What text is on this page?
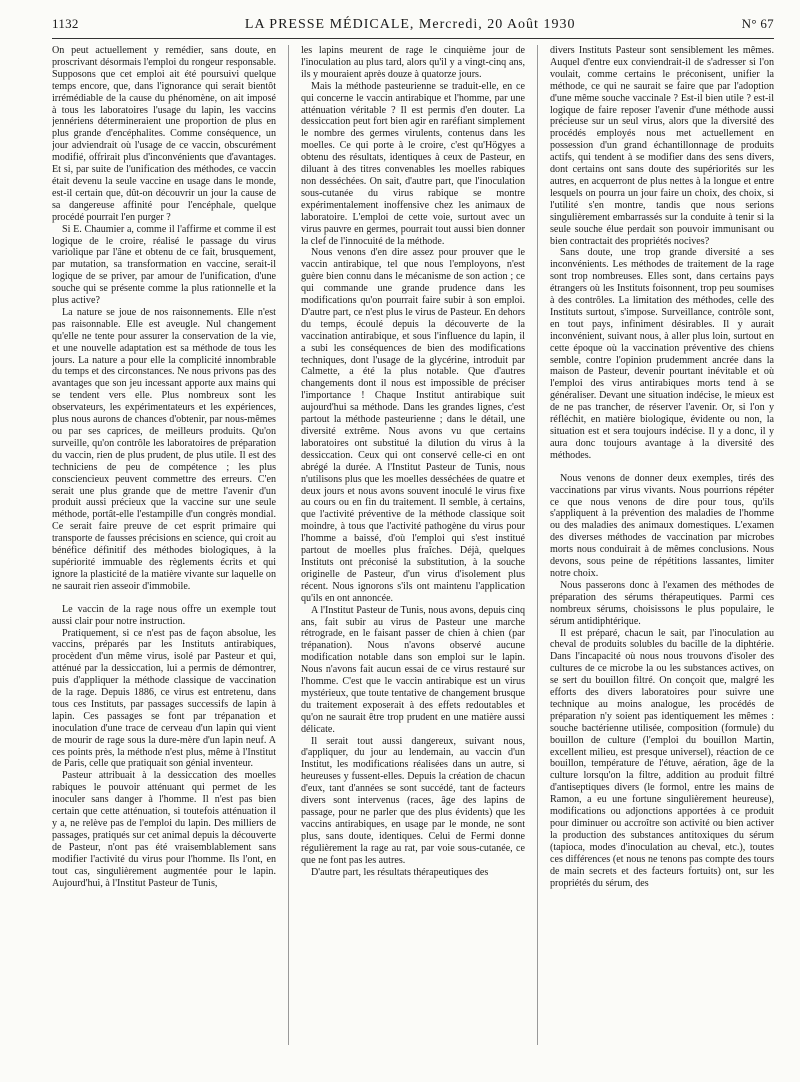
1132	LA PRESSE MÉDICALE, Mercredi, 20 Août 1930	N° 67

On peut actuellement y remédier, sans doute, en proscrivant désormais l'emploi du rongeur responsable. Supposons que cet emploi ait été poursuivi quelque temps encore, que, dans l'ignorance qui serait bientôt irrémédiable de la cause du phénomène, on ait imposé à tous les laboratoires l'usage du lapin, les vaccins jennériens détermineraient une proportion de plus en plus grande d'encéphalites. Comme conséquence, un jour adviendrait où l'usage de ce vaccin, obscurément modifié, offrirait plus d'inconvénients que d'avantages. Et si, par suite de l'unification des méthodes, ce vaccin était devenu la seule vaccine en usage dans le monde, est-il certain que, dût-on découvrir un jour la cause de sa dangereuse affinité pour l'encéphale, quelque procédé pourrait l'en purger ?

Si E. Chaumier a, comme il l'affirme et comme il est logique de le croire, réalisé le passage du virus variolique par l'âne et obtenu de ce fait, brusquement, par mutation, sa transformation en vaccine, serait-il logique de se priver, par amour de l'unification, d'une souche qui se présente comme la plus rationnelle et la plus active?

La nature se joue de nos raisonnements. Elle n'est pas raisonnable. Elle est aveugle. Nul changement qu'elle ne tente pour assurer la conservation de la vie, et une nouvelle adaptation est sa méthode de tous les jours. La nature a pour elle la complicité innombrable du temps et des circonstances. Ne nous privons pas des avantages que son jeu incessant apporte aux mains qui se tendent vers elle. Plus nombreux sont les observateurs, les expérimentateurs et les expériences, plus nous aurons de chances d'obtenir, par nous-mêmes ou par ses caprices, de meilleurs produits. Qu'on surveille, qu'on contrôle les laboratoires de préparation du vaccin, rien de plus prudent, de plus utile. Il est des techniciens de peu de compétence ; les plus consciencieux peuvent commettre des erreurs. C'en serait une plus grande que de mettre l'avenir d'un produit aussi précieux que la vaccine sur une seule méthode, portât-elle l'estampille d'un congrès mondial. Ce serait faire preuve de cet esprit primaire qui transporte de fausses précisions en science, qui croit au bénéfice définitif des méthodes biologiques, à la supériorité immuable des règlements écrits et qui ignore la plasticité de la matière vivante sur laquelle on ne saurait rien asseoir d'immobile.

Le vaccin de la rage nous offre un exemple tout aussi clair pour notre instruction.

Pratiquement, si ce n'est pas de façon absolue, les vaccins, préparés par les Instituts antirabiques, procèdent d'un même virus, isolé par Pasteur et qui, atténué par la dessiccation, lui a permis de démontrer, puis d'appliquer la méthode classique de vaccination de la rage. Depuis 1886, ce virus est entretenu, dans tous ces Instituts, par passages successifs de lapin à lapin. Ces passages se font par trépanation et inoculation d'une trace de cerveau d'un lapin qui vient de mourir de rage sous la dure-mère d'un lapin neuf. A ces points près, la méthode n'est plus, même à l'Institut de Paris, celle que pratiquait son génial inventeur.

Pasteur attribuait à la dessiccation des moelles rabiques le pouvoir atténuant qui permet de les inoculer sans danger à l'homme. Il n'est pas bien certain que cette atténuation, si toutefois atténuation il y a, ne relève pas de l'emploi du lapin. Des milliers de passages, pratiqués sur cet animal depuis la découverte de Pasteur, n'ont pas été vraisemblablement sans modifier l'activité du virus pour l'homme. Ils l'ont, en tout cas, singulièrement augmentée pour le lapin. Aujourd'hui, à l'Institut Pasteur de Tunis,

les lapins meurent de rage le cinquième jour de l'inoculation au plus tard, alors qu'il y a vingt-cinq ans, ils y mouraient après douze à quatorze jours.

Mais la méthode pasteurienne se traduit-elle, en ce qui concerne le vaccin antirabique et l'homme, par une atténuation véritable ? Il est permis d'en douter. La dessiccation peut fort bien agir en raréfiant simplement le nombre des germes virulents, contenus dans les moelles. Ce qui porte à le croire, c'est qu'Högyes a obtenu des résultats, identiques à ceux de Pasteur, en diluant à des titres convenables les moelles rabiques non desséchées. On sait, d'autre part, que l'inoculation sous-cutanée du virus rabique se montre expérimentalement inoffensive chez les animaux de laboratoire. L'emploi de cette voie, surtout avec un virus pauvre en germes, pourrait tout aussi bien donner la clef de l'innocuité de la méthode.

Nous venons d'en dire assez pour prouver que le vaccin antirabique, tel que nous l'employons, n'est guère bien connu dans le mécanisme de son action ; ce qui commande une grande prudence dans les modifications qu'on pourrait faire subir à son emploi. D'autre part, ce n'est plus le virus de Pasteur. En dehors du temps, écoulé depuis la découverte de la vaccination antirabique, et sous l'influence du lapin, il a subi les conséquences de bien des modifications techniques, dont l'usage de la glycérine, introduit par Calmette, a été la plus notable. Que d'autres changements dont il nous est impossible de préciser l'importance ! Chaque Institut antirabique suit aujourd'hui sa méthode. Dans les grandes lignes, c'est partout la méthode pasteurienne ; dans le détail, une diversité extrême. Nous avons vu que certains laboratoires ont substitué la dilution du virus à la dessiccation. Ceux qui ont conservé celle-ci en ont abrégé la durée. A l'Institut Pasteur de Tunis, nous n'utilisons plus que les moelles desséchées de quatre et deux jours et nous avons souvent inoculé le virus fixe au cours ou en fin du traitement. Il semble, à certains, que l'activité préventive de la méthode classique soit moindre, à tous que l'activité pathogène du virus pour l'homme a baissé, d'où l'emploi qui s'est institué partout de moelles plus fraîches. Déjà, quelques Instituts ont préconisé la substitution, à la souche originelle de Pasteur, d'un virus d'isolement plus récent. Nous ignorons s'ils ont maintenu l'application qu'ils en ont annoncée.

A l'Institut Pasteur de Tunis, nous avons, depuis cinq ans, fait subir au virus de Pasteur une marche rétrograde, en le faisant passer de chien à chien (par trépanation). Nous n'avons observé aucune modification notable dans son emploi sur le lapin. Nous n'avons fait aucun essai de ce virus restauré sur l'homme. C'est que le vaccin antirabique est un virus mystérieux, que toute tentative de changement brusque du traitement exposerait à des effets redoutables et qu'on ne saurait être trop prudent en une matière aussi délicate.

Il serait tout aussi dangereux, suivant nous, d'appliquer, du jour au lendemain, au vaccin d'un Institut, les modifications réalisées dans un autre, si heureuses y fussent-elles. Depuis la création de chacun d'eux, tant d'années se sont succédé, tant de facteurs divers sont intervenus (races, âge des lapins de passage, pour ne parler que des plus évidents) que les vaccins antirabiques, en usage par le monde, ne sont plus, sans doute, identiques. Celui de Fermi donne régulièrement la rage au rat, par voie sous-cutanée, ce que ne font pas les autres.

D'autre part, les résultats thérapeutiques des

divers Instituts Pasteur sont sensiblement les mêmes. Auquel d'entre eux conviendrait-il de s'adresser si l'on voulait, comme certains le préconisent, unifier la méthode, ce qui ne saurait se faire que par l'adoption d'une même souche vaccinale ? Est-il bien utile ? est-il logique de faire reposer l'avenir d'une méthode aussi précieuse sur un seul virus, alors que la diversité des procédés employés nous met actuellement en possession d'un grand échantillonnage de produits actifs, qui tendent à se modifier dans des sens divers, dont certains ont sans doute des supériorités sur les autres, en acquerront de plus nettes à la longue et entre lesquels on pourra un jour faire un choix, des choix, si l'utilité s'en montre, tandis que nous serions singulièrement embarrassés sur la conduite à tenir si la seule souche élue perdait son pouvoir immunisant ou bien contractait des propriétés nocives?

Sans doute, une trop grande diversité a ses inconvénients. Les méthodes de traitement de la rage sont trop nombreuses. Elles sont, dans certains pays étrangers où les Instituts foisonnent, trop peu soumises à des contrôles. La limitation des méthodes, celle des Instituts surtout, s'impose. Surveillance, contrôle sont, en tout pays, infiniment désirables. Il y aurait inconvénient, suivant nous, à aller plus loin, surtout en cette époque où la vaccination préventive des chiens semble, contre l'opinion prudemment ancrée dans la maison de Pasteur, devenir pourtant inévitable et où l'emploi des virus antirabiques morts tend à se généraliser. Devant une situation indécise, le mieux est de ne pas trancher, de réserver l'avenir. Or, si l'on y réfléchit, en matière biologique, évidente ou non, la situation est et sera toujours indécise. Il y a donc, il y aura donc toujours avantage à la diversité des méthodes.

Nous venons de donner deux exemples, tirés des vaccinations par virus vivants. Nous pourrions répéter ce que nous venons de dire pour tous, qu'ils s'appliquent à la prévention des maladies de l'homme ou des maladies des animaux domestiques. L'examen des diverses méthodes de vaccination par microbes morts nous conduirait à de mêmes conclusions. Nous devons, sous peine de répétitions lassantes, limiter notre choix.

Nous passerons donc à l'examen des méthodes de préparation des sérums thérapeutiques. Parmi ces nombreux sérums, choisissons le plus populaire, le sérum antidiphtérique.

Il est préparé, chacun le sait, par l'inoculation au cheval de produits solubles du bacille de la diphtérie. Dans l'incapacité où nous nous trouvons d'isoler des cultures de ce microbe la ou les substances actives, on se sert du bouillon filtré. On conçoit que, malgré les efforts des divers laboratoires pour suivre une technique au moins analogue, les procédés de préparation n'y soient pas identiquement les mêmes : souche bactérienne utilisée, composition (formule) du bouillon de culture (l'emploi du bouillon Martin, excellent milieu, est presque universel), réaction de ce bouillon, température de l'étuve, aération, âge de la culture lorsqu'on la filtre, addition au produit filtré d'antiseptiques divers (le formol, entre les mains de Ramon, a eu une fortune singulièrement heureuse), modifications ou adjonctions apportées à ce produit pour diminuer ou accroître son activité ou bien activer la production des substances antitoxiques du sérum (tapioca, modes d'inoculation au cheval, etc.), toutes ces différences (et nous ne tenons pas compte des tours de main secrets et des facteurs fortuits) ont, sur les propriétés du sérum, des
